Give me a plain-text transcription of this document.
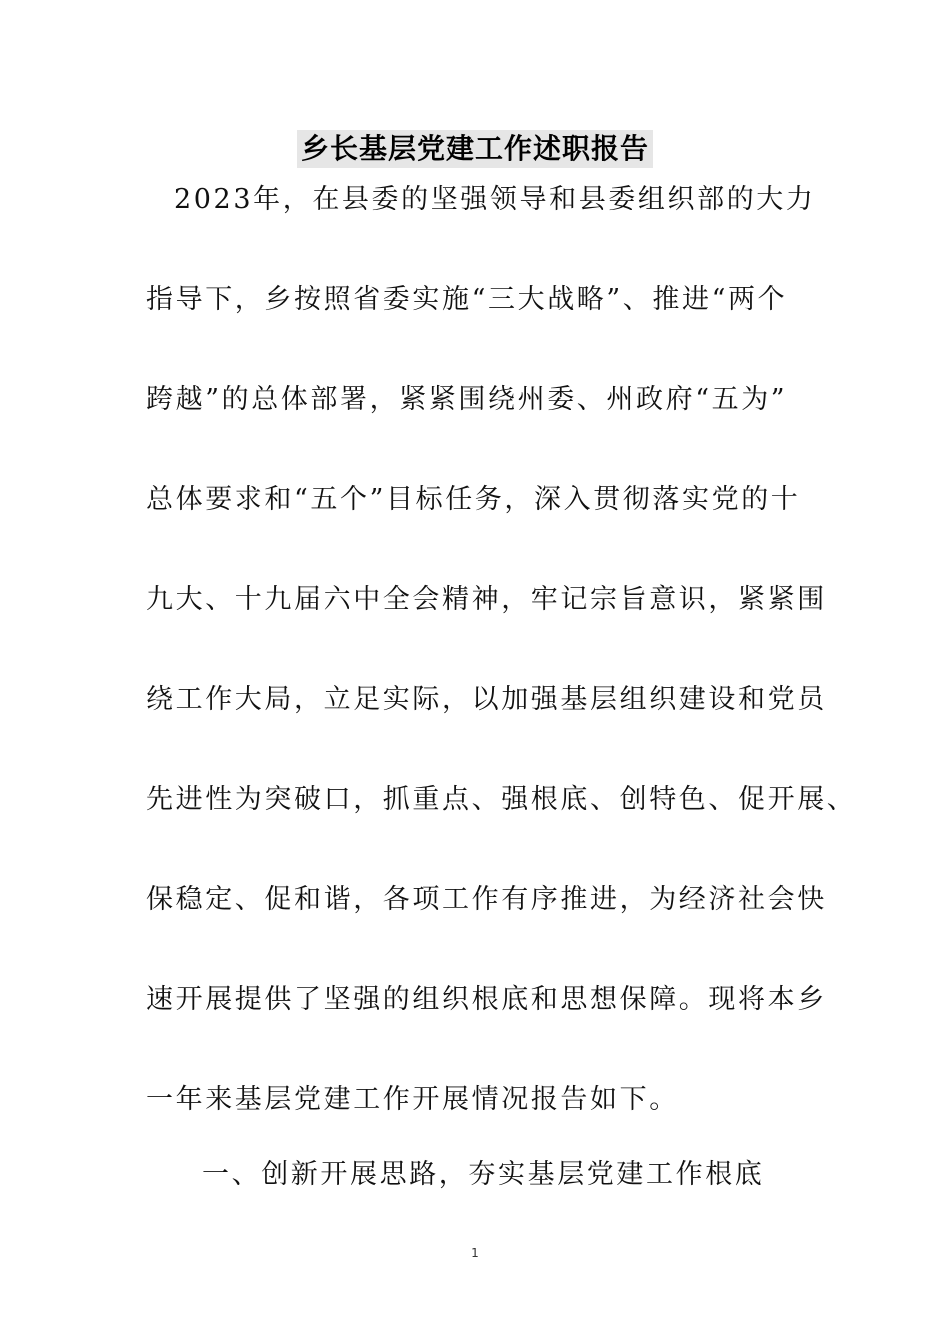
乡长基层党建工作述职报告
2023年，在县委的坚强领导和县委组织部的大力
指导下，乡按照省委实施“三大战略”、推进“两个
跨越”的总体部署，紧紧围绕州委、州政府“五为”
总体要求和“五个”目标任务，深入贯彻落实党的十
九大、十九届六中全会精神，牢记宗旨意识，紧紧围
绕工作大局，立足实际，以加强基层组织建设和党员
先进性为突破口，抓重点、强根底、创特色、促开展、
保稳定、促和谐，各项工作有序推进，为经济社会快
速开展提供了坚强的组织根底和思想保障。现将本乡
一年来基层党建工作开展情况报告如下。
一、创新开展思路，夯实基层党建工作根底
1
